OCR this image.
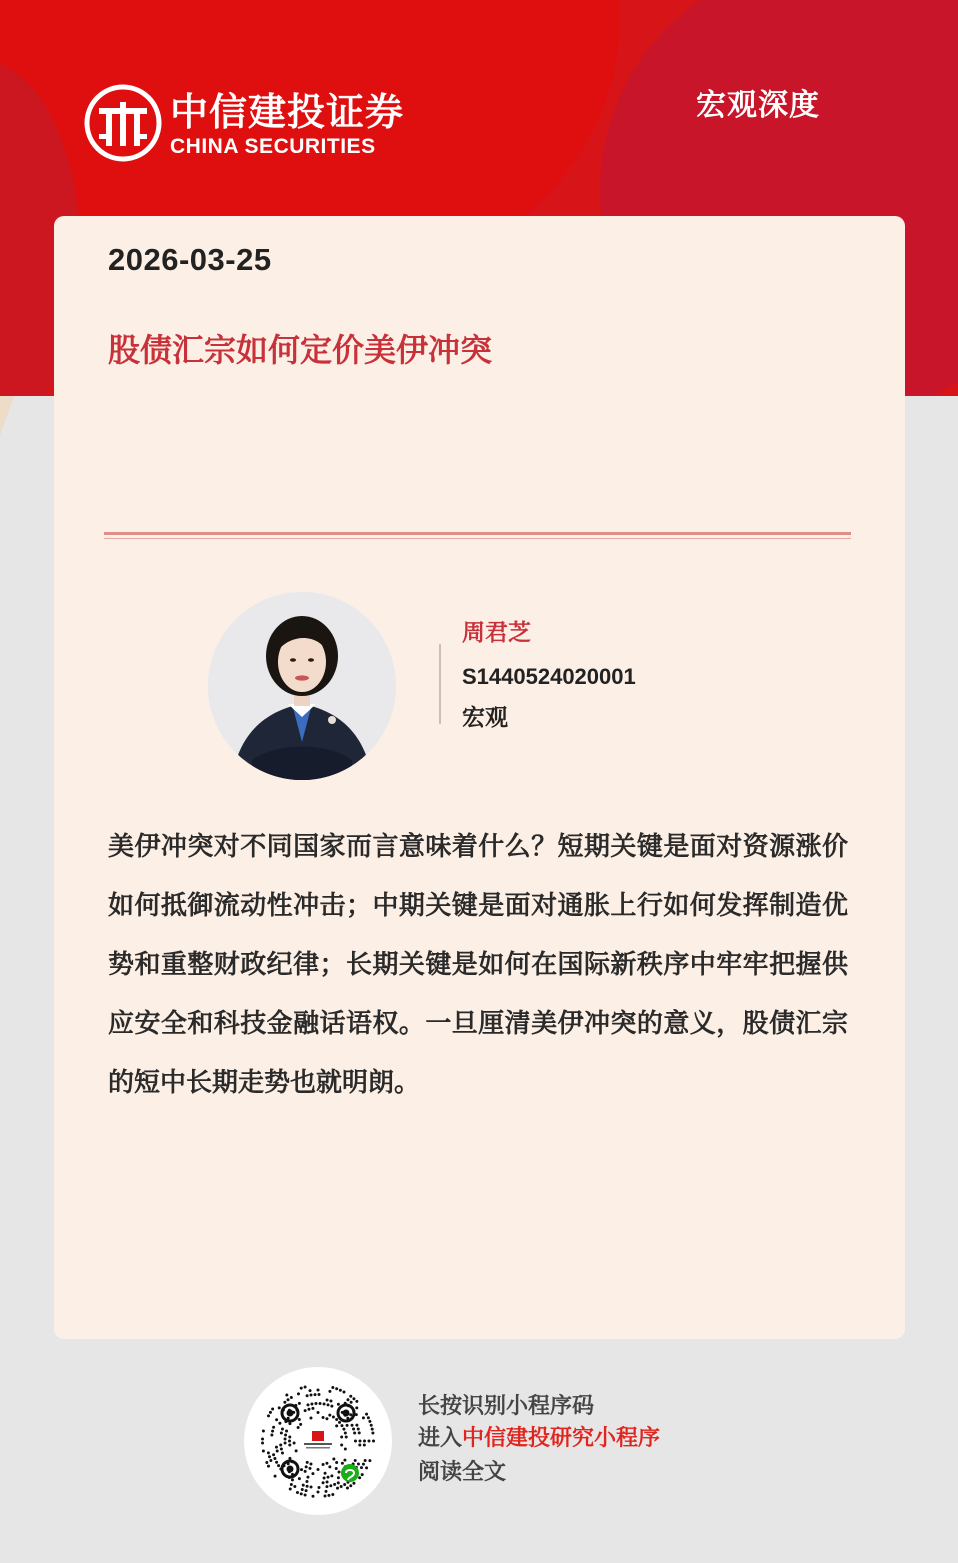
中信建投证券
CHINA SECURITIES
宏观深度
2026-03-25
股债汇宗如何定价美伊冲突
周君芝
S1440524020001
宏观
美伊冲突对不同国家而言意味着什么？短期关键是面对资源涨价如何抵御流动性冲击；中期关键是面对通胀上行如何发挥制造优势和重整财政纪律；长期关键是如何在国际新秩序中牢牢把握供应安全和科技金融话语权。一旦厘清美伊冲突的意义，股债汇宗的短中长期走势也就明朗。
长按识别小程序码
进入中信建投研究小程序
阅读全文
